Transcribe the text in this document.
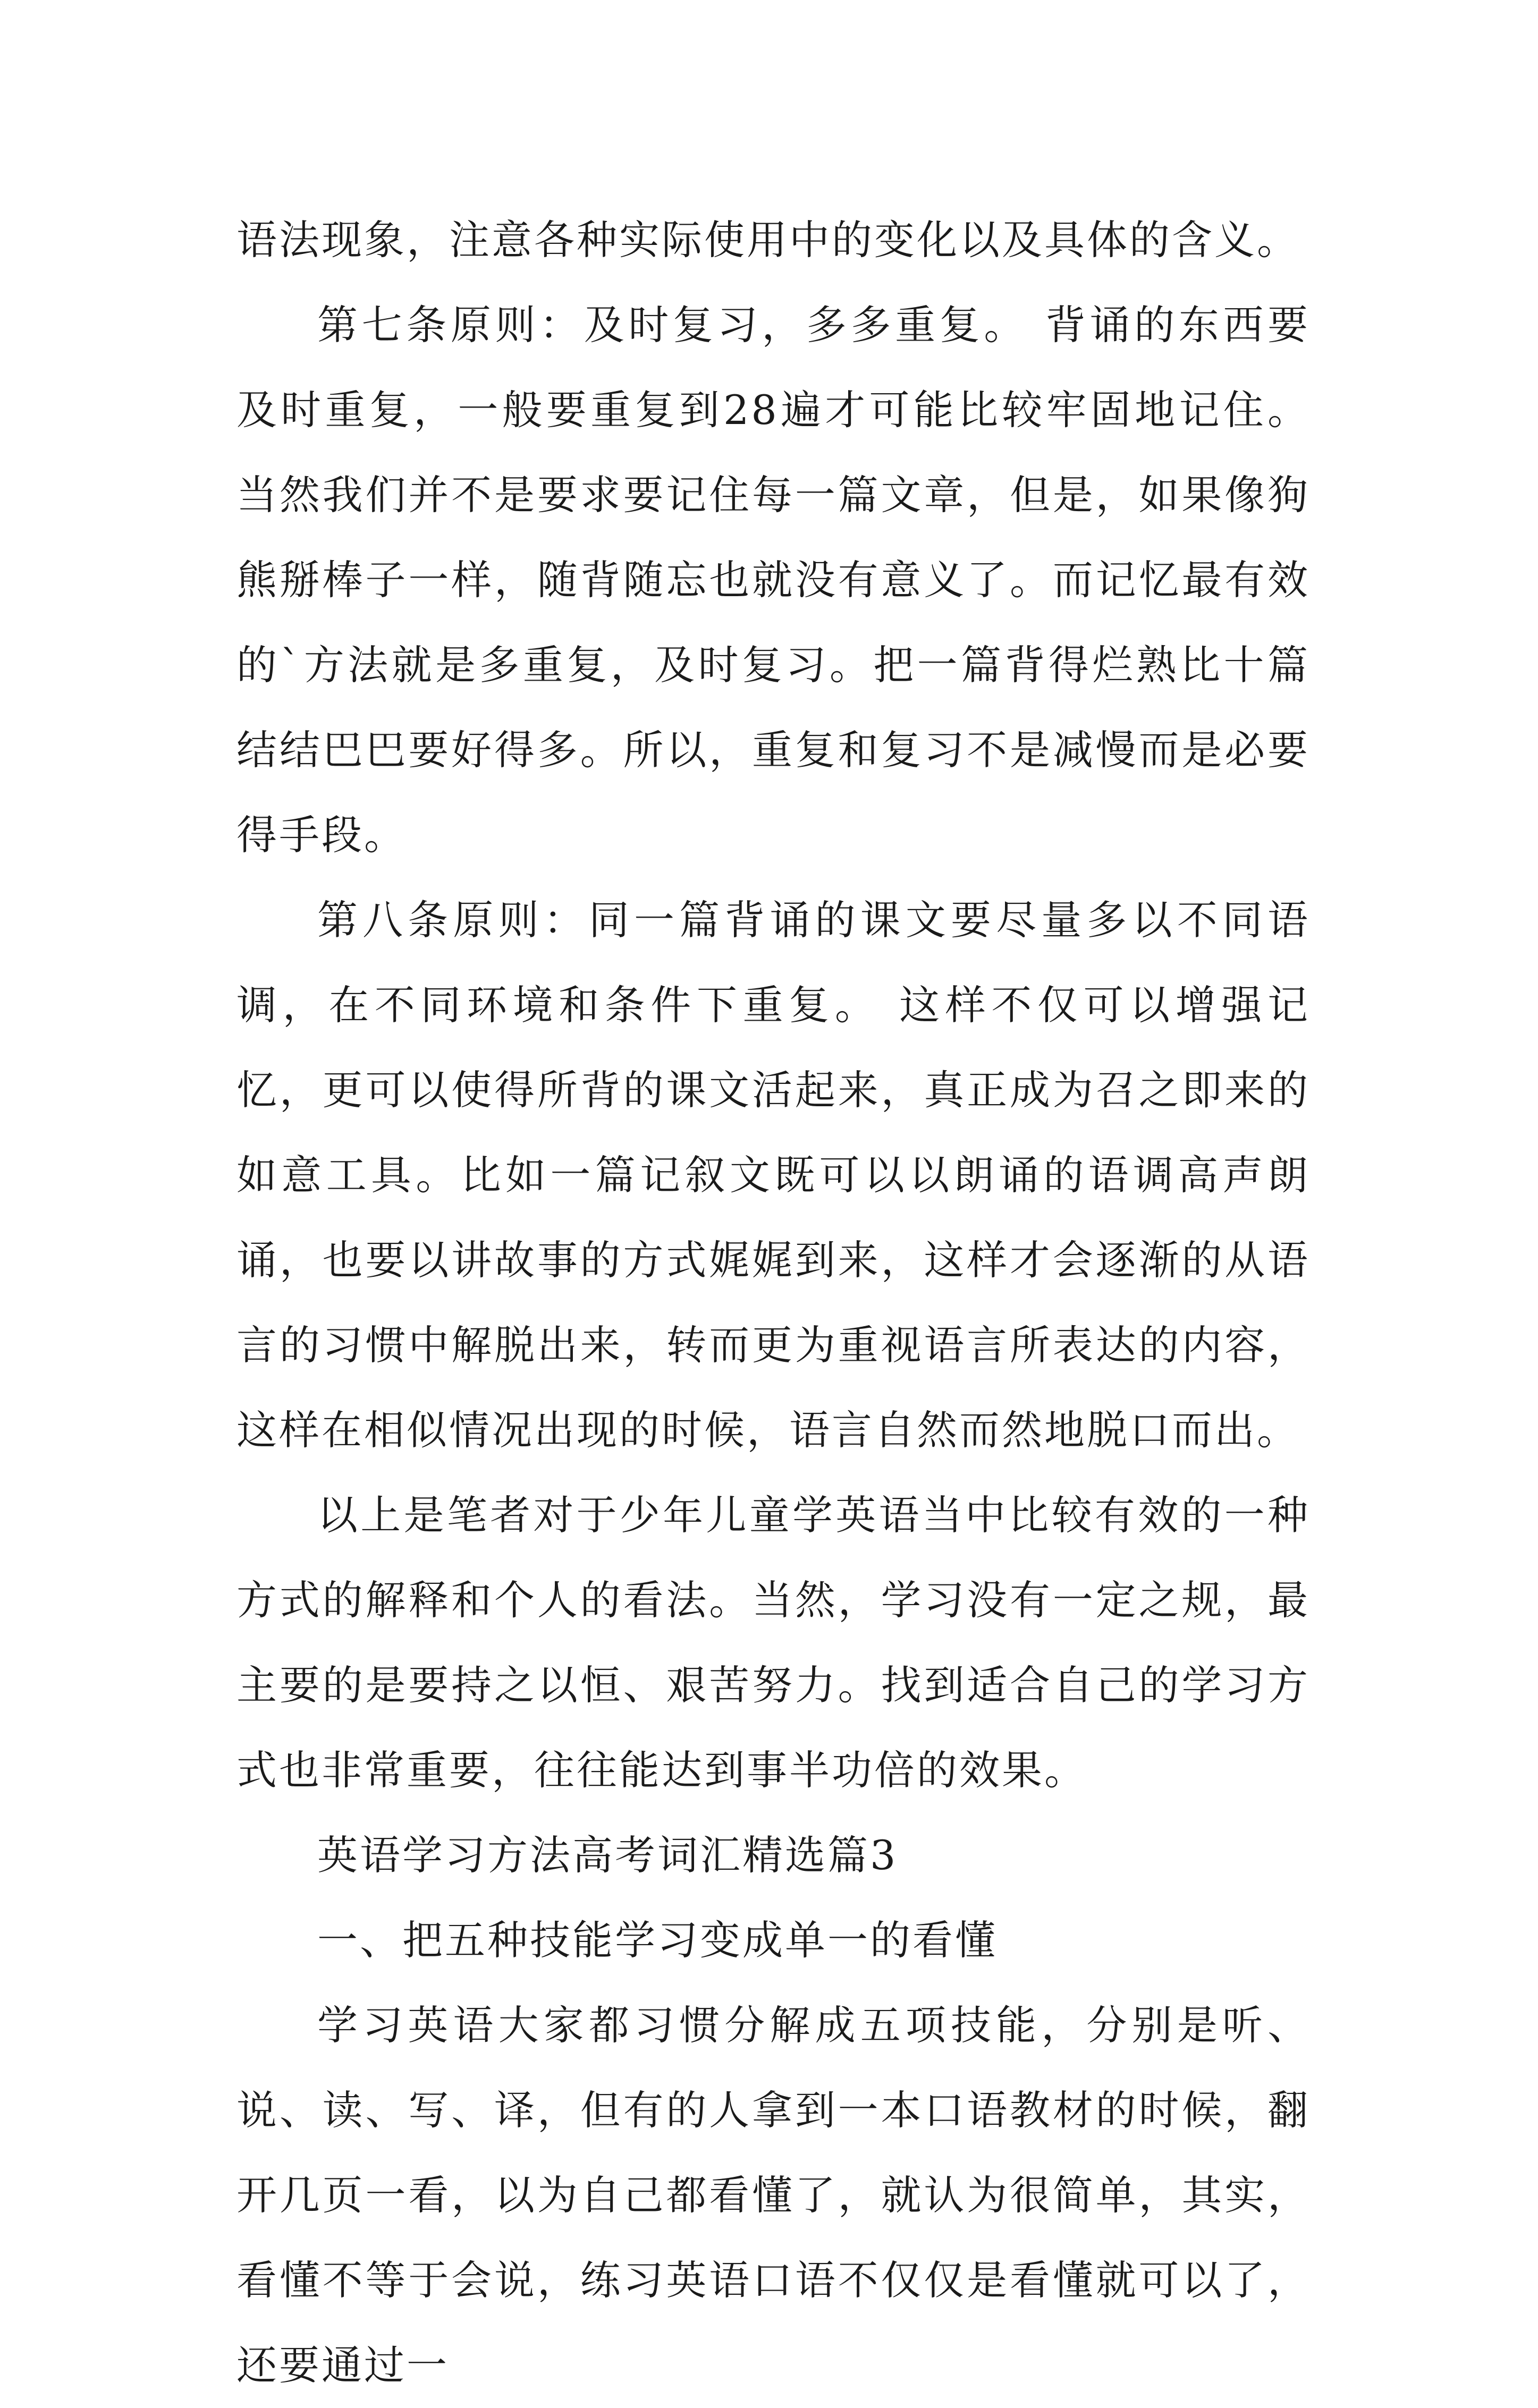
语法现象，注意各种实际使用中的变化以及具体的含义。

第七条原则：及时复习，多多重复。 背诵的东西要及时重复，一般要重复到28遍才可能比较牢固地记住。当然我们并不是要求要记住每一篇文章，但是，如果像狗熊掰棒子一样，随背随忘也就没有意义了。而记忆最有效的`方法就是多重复，及时复习。把一篇背得烂熟比十篇结结巴巴要好得多。所以，重复和复习不是减慢而是必要得手段。

第八条原则：同一篇背诵的课文要尽量多以不同语调，在不同环境和条件下重复。 这样不仅可以增强记忆，更可以使得所背的课文活起来，真正成为召之即来的如意工具。比如一篇记叙文既可以以朗诵的语调高声朗诵，也要以讲故事的方式娓娓到来，这样才会逐渐的从语言的习惯中解脱出来，转而更为重视语言所表达的内容，这样在相似情况出现的时候，语言自然而然地脱口而出。

以上是笔者对于少年儿童学英语当中比较有效的一种方式的解释和个人的看法。当然，学习没有一定之规，最主要的是要持之以恒、艰苦努力。找到适合自己的学习方式也非常重要，往往能达到事半功倍的效果。

英语学习方法高考词汇精选篇3

一、把五种技能学习变成单一的看懂

学习英语大家都习惯分解成五项技能，分别是听、说、读、写、译，但有的人拿到一本口语教材的时候，翻开几页一看，以为自己都看懂了，就认为很简单，其实，看懂不等于会说，练习英语口语不仅仅是看懂就可以了，还要通过一
